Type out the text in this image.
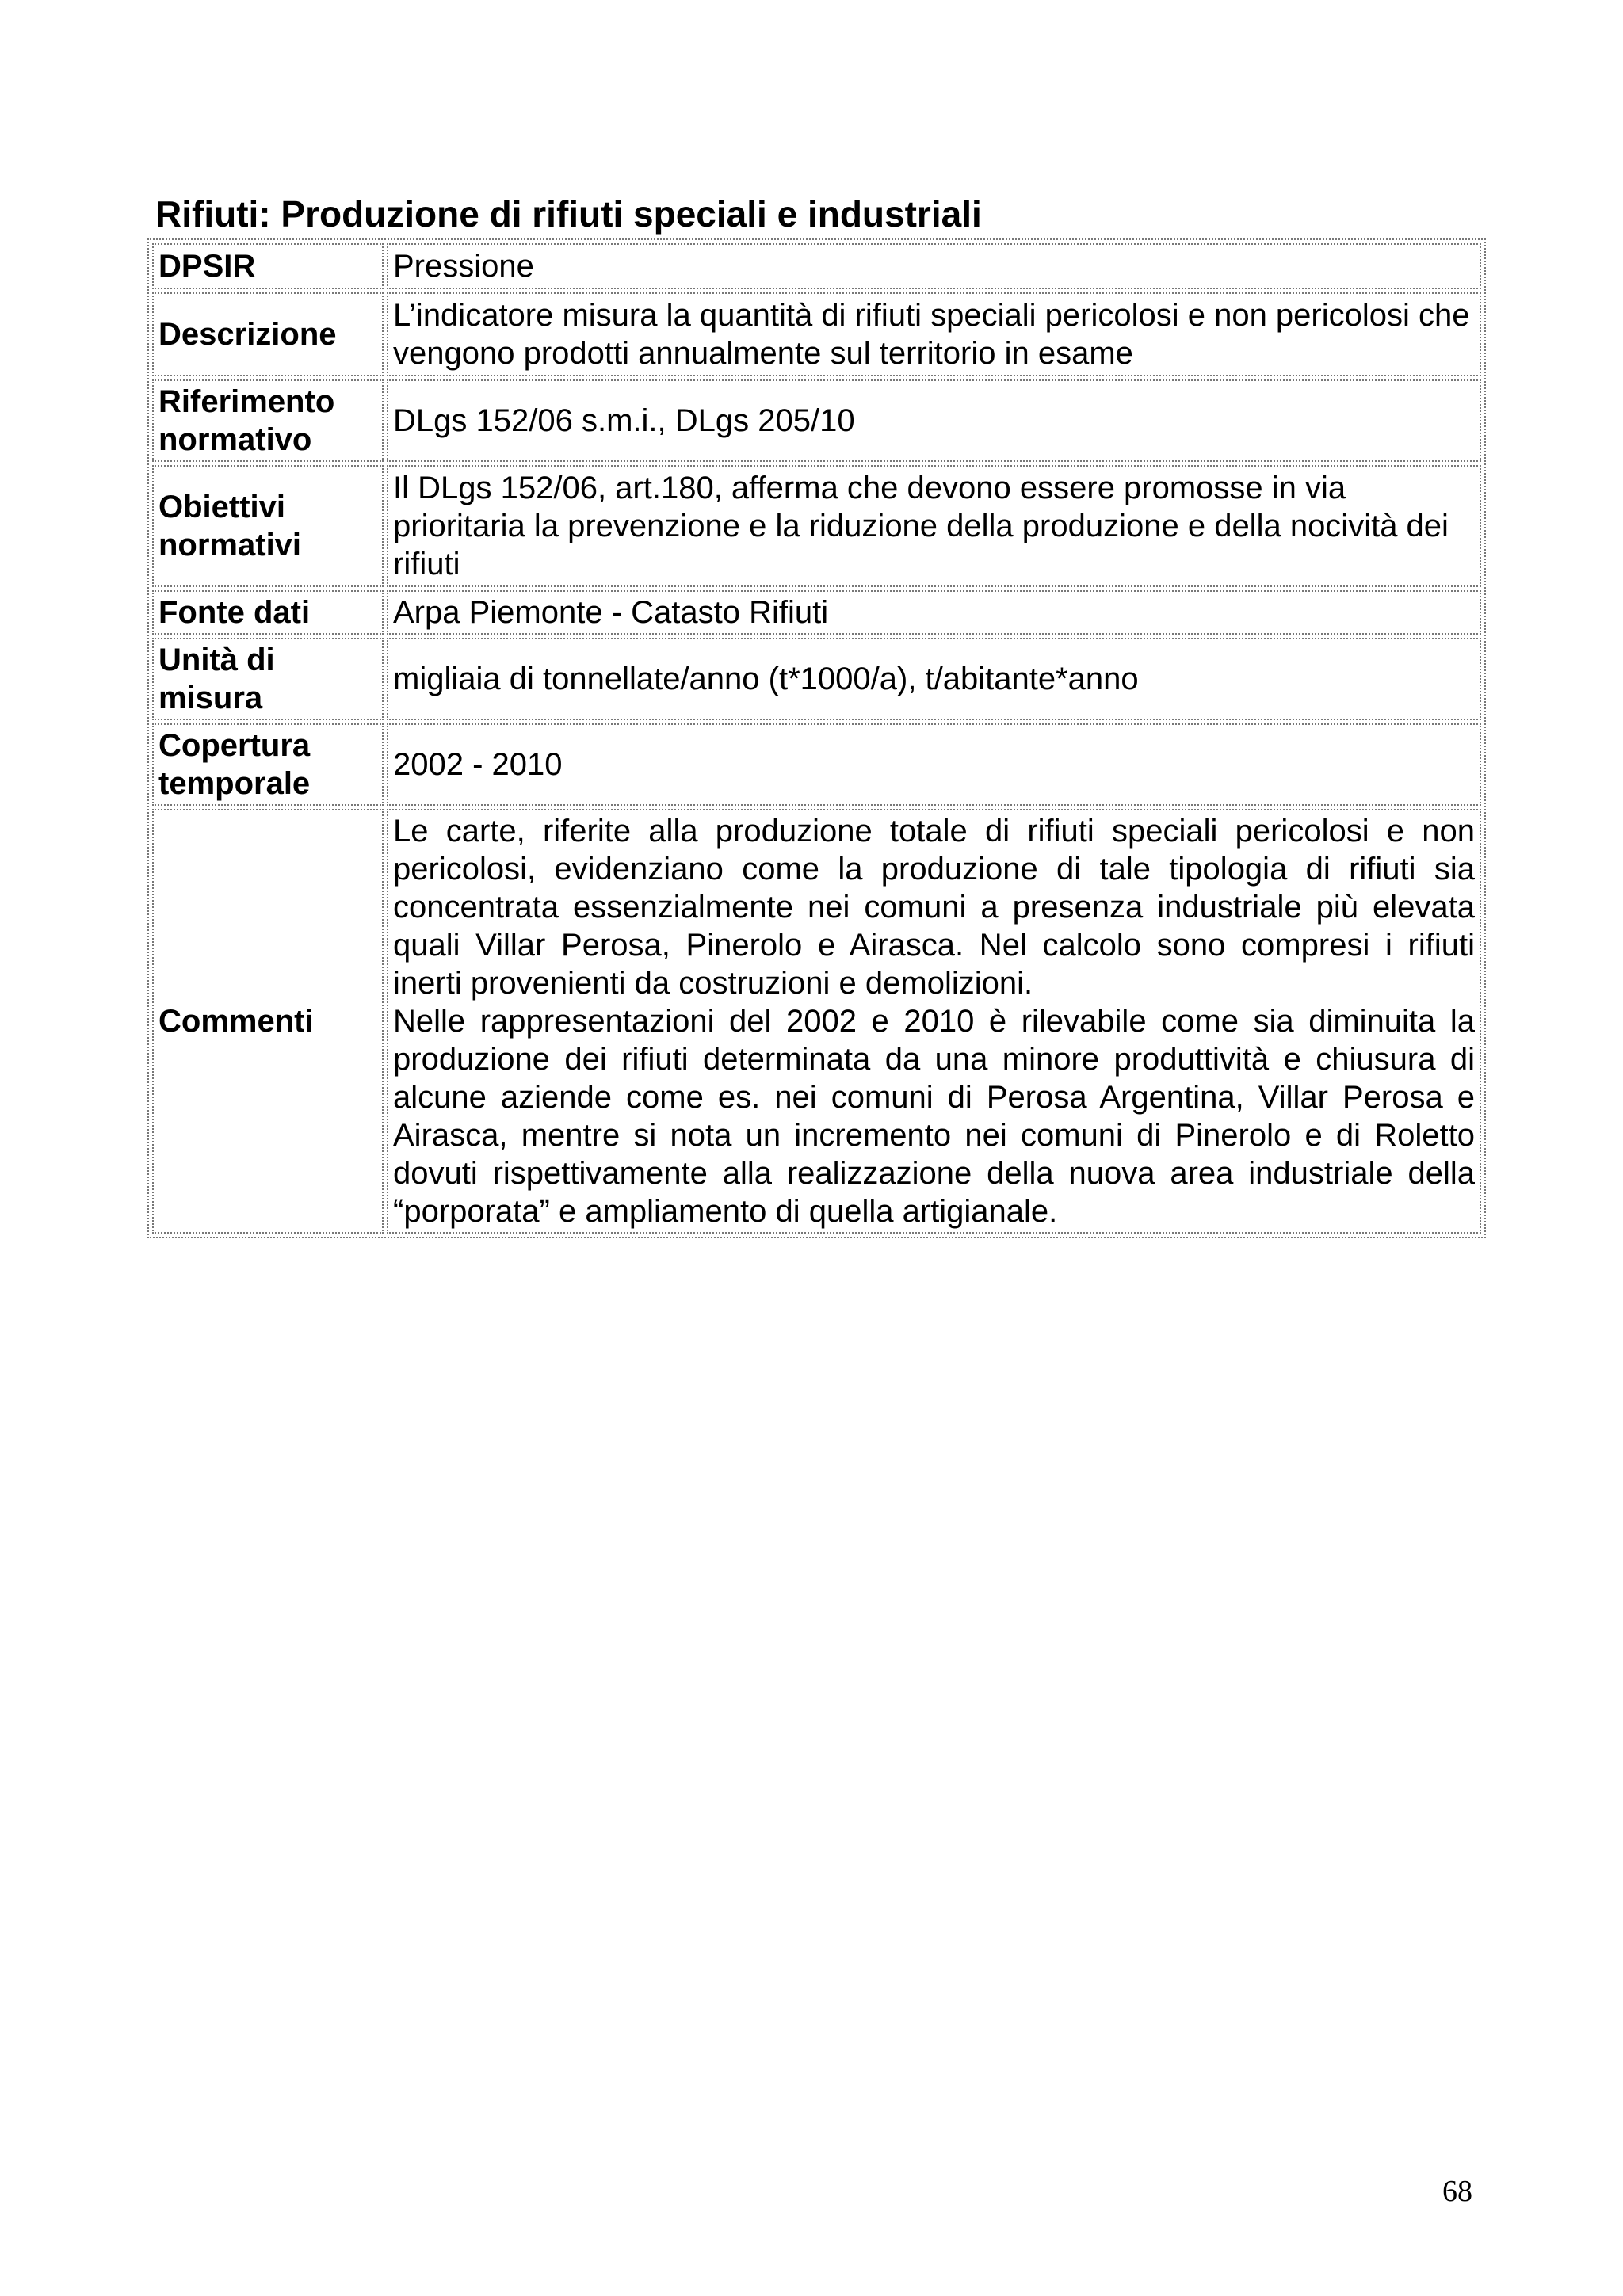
Rifiuti: Produzione di rifiuti speciali e industriali
DPSIR	Pressione
Descrizione	L’indicatore misura la quantità di rifiuti speciali pericolosi e non pericolosi che vengono prodotti annualmente sul territorio in esame
Riferimento normativo	DLgs 152/06 s.m.i., DLgs 205/10
Obiettivi normativi	Il DLgs 152/06, art.180, afferma che devono essere promosse in via prioritaria la prevenzione e la riduzione della produzione e della nocività dei rifiuti
Fonte dati	Arpa Piemonte - Catasto Rifiuti
Unità di misura	migliaia di tonnellate/anno (t*1000/a), t/abitante*anno
Copertura temporale	2002 - 2010
Commenti	Le carte, riferite alla produzione totale di rifiuti speciali pericolosi e non pericolosi, evidenziano come la produzione di tale tipologia di rifiuti sia concentrata essenzialmente nei comuni a presenza industriale più elevata quali Villar Perosa, Pinerolo e Airasca. Nel calcolo sono compresi i rifiuti inerti provenienti da costruzioni e demolizioni.

Nelle rappresentazioni del 2002 e 2010 è rilevabile come sia diminuita la produzione dei rifiuti determinata da una minore produttività e chiusura di alcune aziende come es. nei comuni di Perosa Argentina, Villar Perosa e Airasca, mentre si nota un incremento nei comuni di Pinerolo e di Roletto dovuti rispettivamente alla realizzazione della nuova area industriale della “porporata” e ampliamento di quella artigianale.

68
